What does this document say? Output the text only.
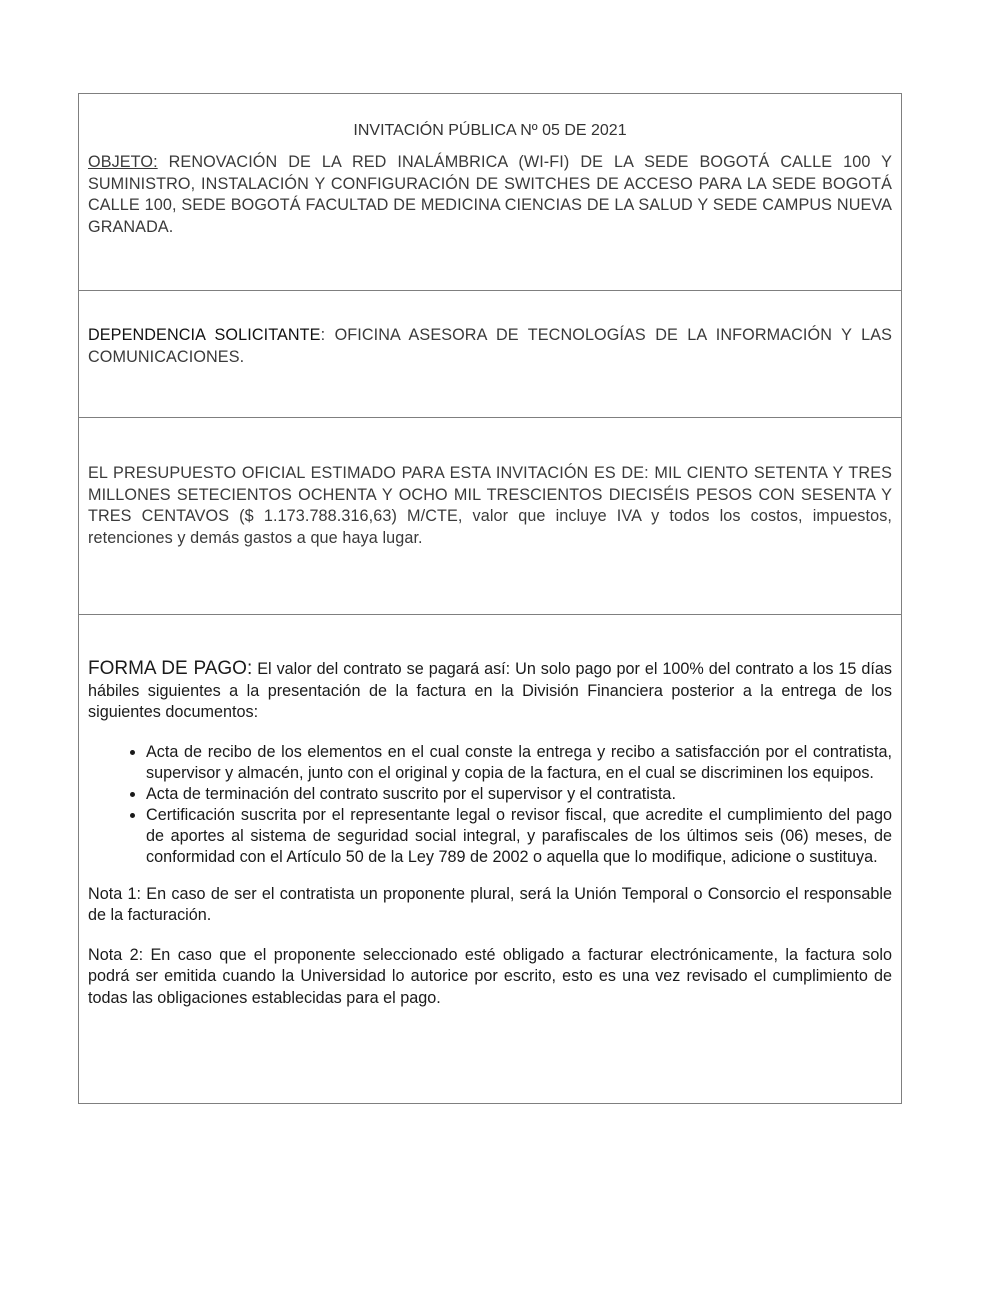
INVITACIÓN PÚBLICA Nº 05 DE 2021

OBJETO: RENOVACIÓN DE LA RED INALÁMBRICA (WI-FI) DE LA SEDE BOGOTÁ CALLE 100 Y SUMINISTRO, INSTALACIÓN Y CONFIGURACIÓN DE SWITCHES DE ACCESO PARA LA SEDE BOGOTÁ CALLE 100, SEDE BOGOTÁ FACULTAD DE MEDICINA CIENCIAS DE LA SALUD Y SEDE CAMPUS NUEVA GRANADA.

DEPENDENCIA SOLICITANTE: OFICINA ASESORA DE TECNOLOGÍAS DE LA INFORMACIÓN Y LAS COMUNICACIONES.

EL PRESUPUESTO OFICIAL ESTIMADO PARA ESTA INVITACIÓN ES DE: MIL CIENTO SETENTA Y TRES MILLONES SETECIENTOS OCHENTA Y OCHO MIL TRESCIENTOS DIECISÉIS PESOS CON SESENTA Y TRES CENTAVOS ($ 1.173.788.316,63) M/CTE, valor que incluye IVA y todos los costos, impuestos, retenciones y demás gastos a que haya lugar.

FORMA DE PAGO: El valor del contrato se pagará así: Un solo pago por el 100% del contrato a los 15 días hábiles siguientes a la presentación de la factura en la División Financiera posterior a la entrega de los siguientes documentos:

• Acta de recibo de los elementos en el cual conste la entrega y recibo a satisfacción por el contratista, supervisor y almacén, junto con el original y copia de la factura, en el cual se discriminen los equipos.
• Acta de terminación del contrato suscrito por el supervisor y el contratista.
• Certificación suscrita por el representante legal o revisor fiscal, que acredite el cumplimiento del pago de aportes al sistema de seguridad social integral, y parafiscales de los últimos seis (06) meses, de conformidad con el Artículo 50 de la Ley 789 de 2002 o aquella que lo modifique, adicione o sustituya.

Nota 1: En caso de ser el contratista un proponente plural, será la Unión Temporal o Consorcio el responsable de la facturación.

Nota 2: En caso que el proponente seleccionado esté obligado a facturar electrónicamente, la factura solo podrá ser emitida cuando la Universidad lo autorice por escrito, esto es una vez revisado el cumplimiento de todas las obligaciones establecidas para el pago.
